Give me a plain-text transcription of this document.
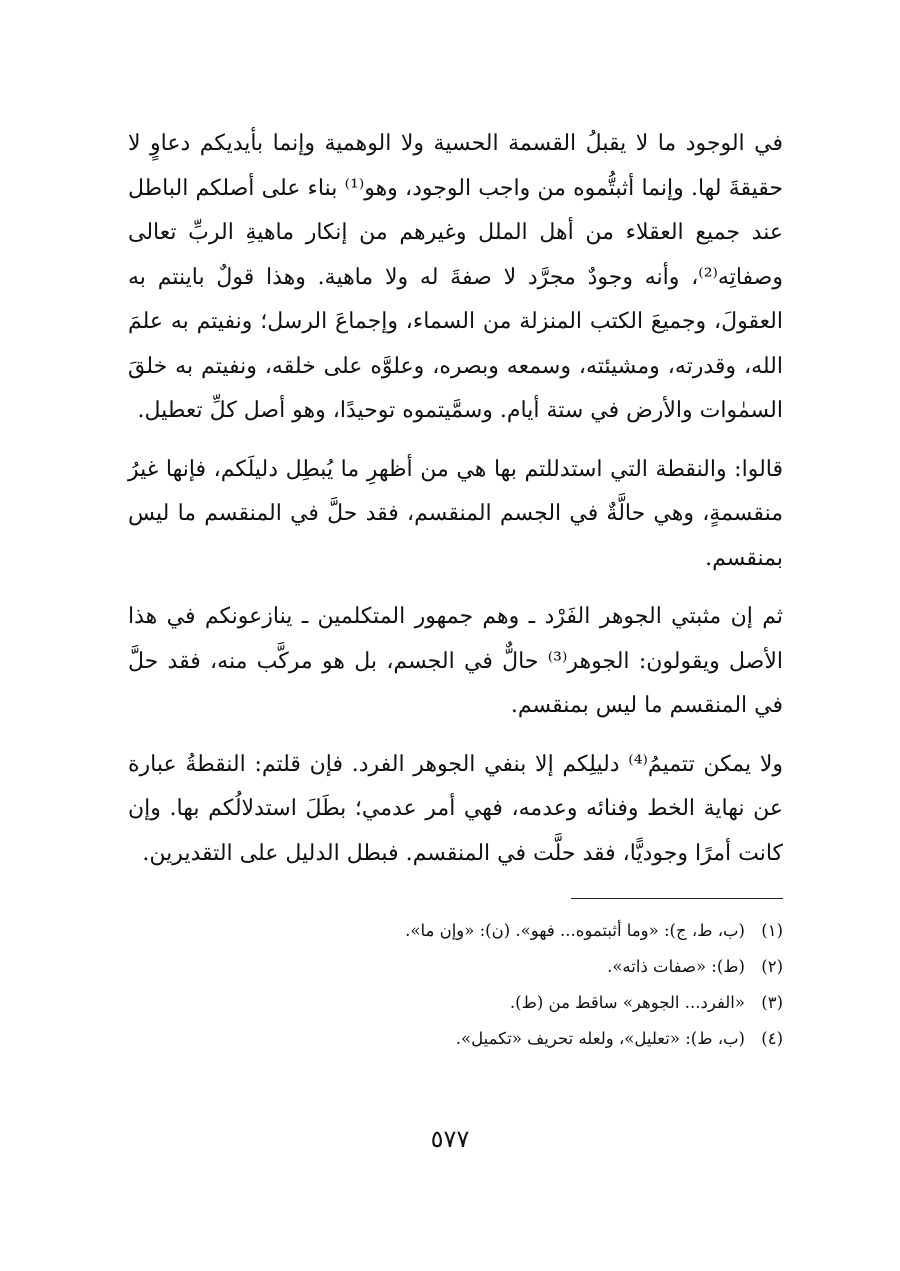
في الوجود ما لا يقبلُ القسمة الحسية ولا الوهمية وإنما بأيديكم دعاوٍ لا حقيقةَ لها. وإنما أثبتُّموه من واجب الوجود، وهو⁽¹⁾ بناء على أصلكم الباطل عند جميع العقلاء من أهل الملل وغيرهم من إنكار ماهيةِ الربِّ تعالى وصفاتِه⁽²⁾، وأنه وجودٌ مجرَّد لا صفةَ له ولا ماهية. وهذا قولٌ باينتم به العقولَ، وجميعَ الكتب المنزلة من السماء، وإجماعَ الرسل؛ ونفيتم به علمَ الله، وقدرته، ومشيئته، وسمعه وبصره، وعلوَّه على خلقه، ونفيتم به خلقَ السمٰوات والأرض في ستة أيام. وسمَّيتموه توحيدًا، وهو أصل كلِّ تعطيل.

قالوا: والنقطة التي استدللتم بها هي من أظهرِ ما يُبطِل دليلَكم، فإنها غيرُ منقسمةٍ، وهي حالَّةٌ في الجسم المنقسم، فقد حلَّ في المنقسم ما ليس بمنقسم.

ثم إن مثبتي الجوهر الفَرْد ـ وهم جمهور المتكلمين ـ ينازعونكم في هذا الأصل ويقولون: الجوهر⁽³⁾ حالٌّ في الجسم، بل هو مركَّب منه، فقد حلَّ في المنقسم ما ليس بمنقسم.

ولا يمكن تتميمُ⁽⁴⁾ دليلِكم إلا بنفي الجوهر الفرد. فإن قلتم: النقطةُ عبارة عن نهاية الخط وفنائه وعدمه، فهي أمر عدمي؛ بطَلَ استدلالُكم بها. وإن كانت أمرًا وجوديًّا، فقد حلَّت في المنقسم. فبطل الدليل على التقديرين.

(١)
(ب، ط، ج): «وما أثبتموه... فهو». (ن): «وإن ما».
(٢)
(ط): «صفات ذاته».
(٣)
«الفرد... الجوهر» ساقط من (ط).
(٤)
(ب، ط): «تعليل»، ولعله تحريف «تكميل».
٥٧٧
